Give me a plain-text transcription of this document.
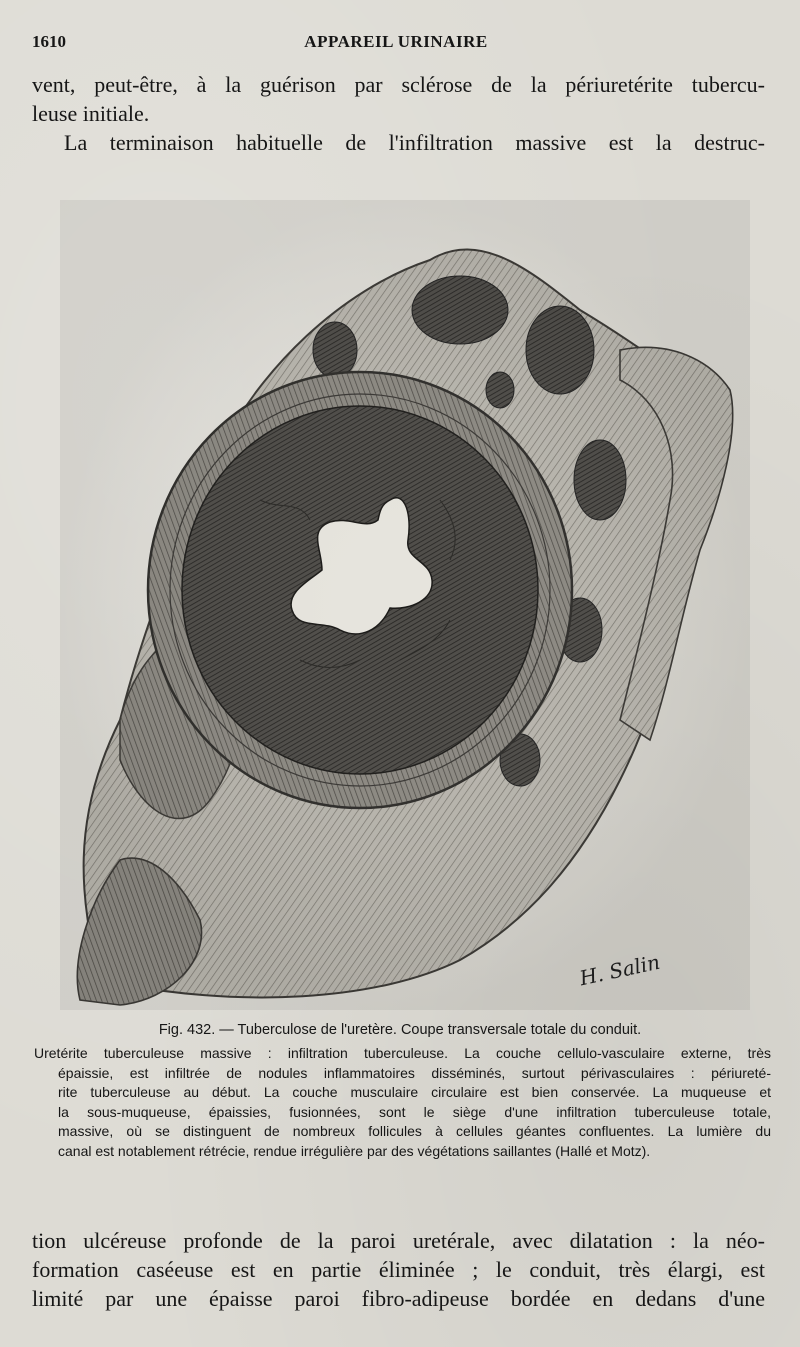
1610	APPAREIL URINAIRE
vent, peut-être, à la guérison par sclérose de la périuretérite tubercu-
leuse initiale.
La terminaison habituelle de l'infiltration massive est la destruc-
H. Salin
Fig. 432. — Tuberculose de l'uretère. Coupe transversale totale du conduit.
Uretérite tuberculeuse massive : infiltration tuberculeuse. La couche cellulo-vasculaire externe, très
épaissie, est infiltrée de nodules inflammatoires disséminés, surtout périvasculaires : périureté-
rite tuberculeuse au début. La couche musculaire circulaire est bien conservée. La muqueuse et
la sous-muqueuse, épaissies, fusionnées, sont le siège d'une infiltration tuberculeuse totale,
massive, où se distinguent de nombreux follicules à cellules géantes confluentes. La lumière du
canal est notablement rétrécie, rendue irrégulière par des végétations saillantes (Hallé et Motz).
tion ulcéreuse profonde de la paroi uretérale, avec dilatation : la néo-
formation caséeuse est en partie éliminée ; le conduit, très élargi, est
limité par une épaisse paroi fibro-adipeuse bordée en dedans d'une
